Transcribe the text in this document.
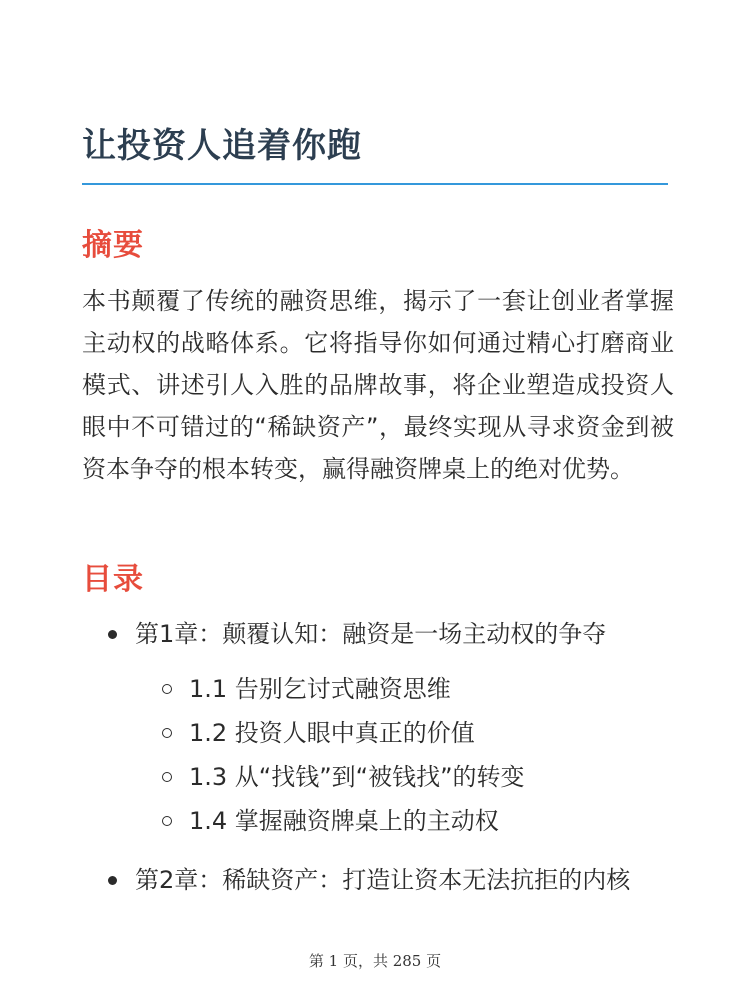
让投资人追着你跑
摘要

本书颠覆了传统的融资思维，揭示了一套让创业者掌握主动权的战略体系。它将指导你如何通过精心打磨商业模式、讲述引人入胜的品牌故事，将企业塑造成投资人眼中不可错过的“稀缺资产”，最终实现从寻求资金到被资本争夺的根本转变，赢得融资牌桌上的绝对优势。

目录
第1章：颠覆认知：融资是一场主动权的争夺
1.1 告别乞讨式融资思维
1.2 投资人眼中真正的价值
1.3 从“找钱”到“被钱找”的转变
1.4 掌握融资牌桌上的主动权
第2章：稀缺资产：打造让资本无法抗拒的内核
第 1 页，共 285 页
